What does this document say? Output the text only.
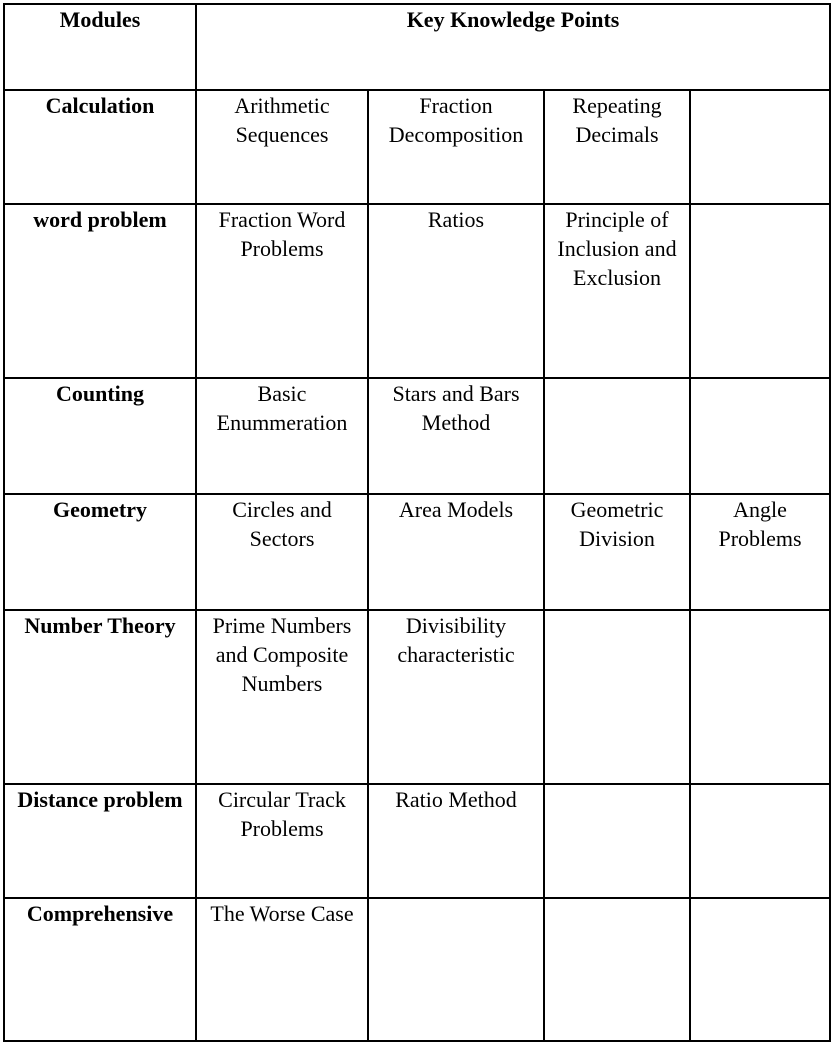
Modules	Key Knowledge Points			
Calculation	Arithmetic Sequences	Fraction Decomposition	Repeating Decimals	
word problem	Fraction Word Problems	Ratios	Principle of Inclusion and Exclusion	
Counting	Basic Enummeration	Stars and Bars Method		
Geometry	Circles and Sectors	Area Models	Geometric Division	Angle Problems
Number Theory	Prime Numbers and Composite Numbers	Divisibility characteristic		
Distance problem	Circular Track Problems	Ratio Method		
Comprehensive	The Worse Case			
